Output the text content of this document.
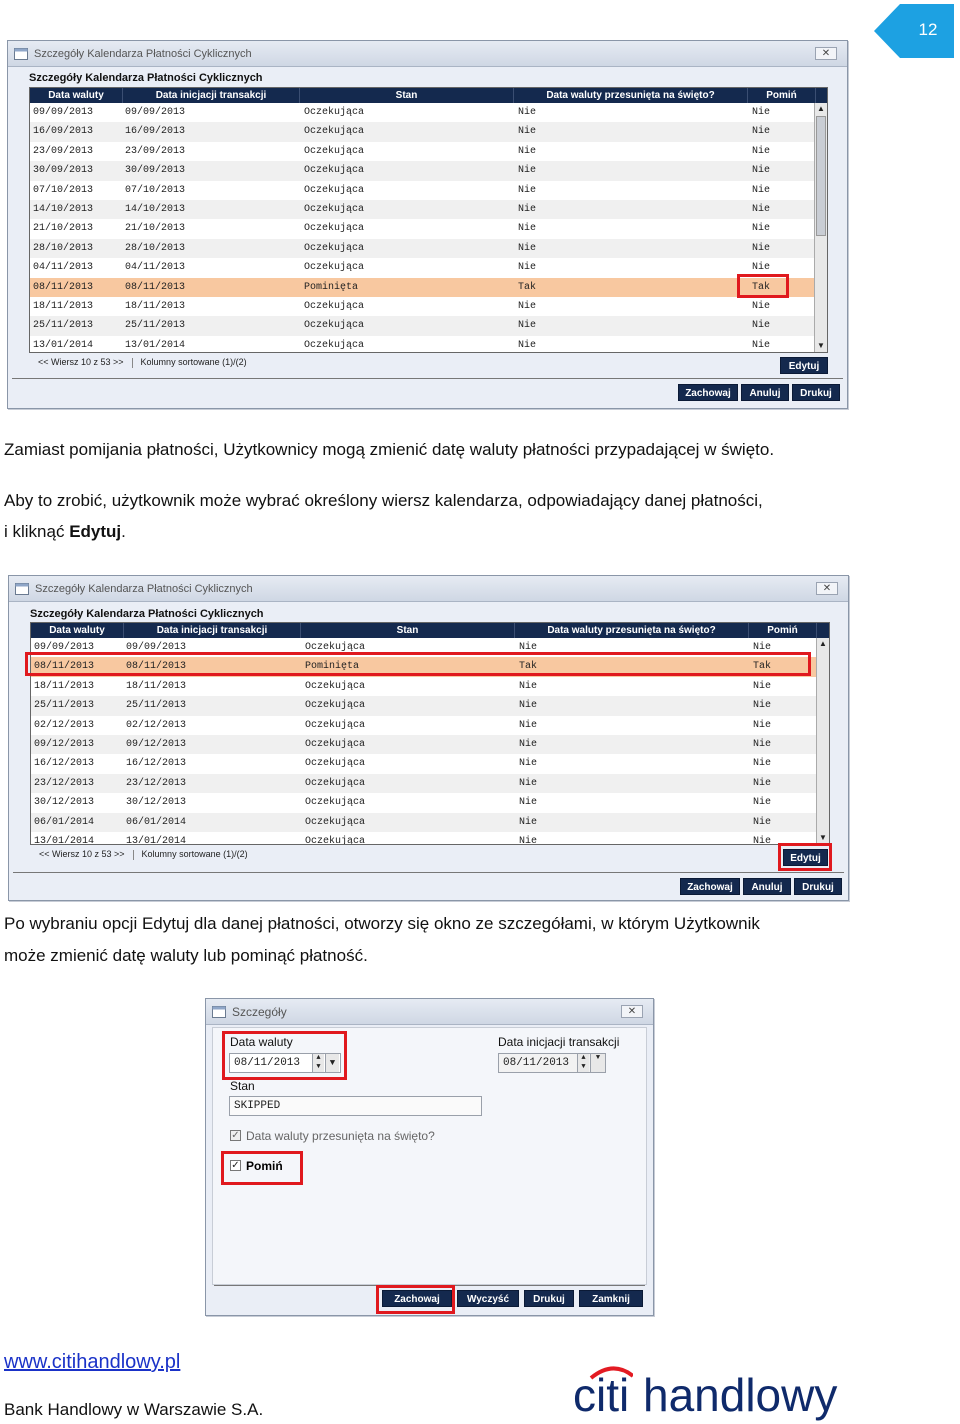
12
Szczegóły Kalendarza Płatności Cyklicznych	✕
Szczegóły Kalendarza Płatności Cyklicznych
Data waluty	Data inicjacji transakcji	Stan	Data waluty przesunięta na święto?	Pomiń
09/09/2013	09/09/2013	Oczekująca	Nie	Nie
16/09/2013	16/09/2013	Oczekująca	Nie	Nie
23/09/2013	23/09/2013	Oczekująca	Nie	Nie
30/09/2013	30/09/2013	Oczekująca	Nie	Nie
07/10/2013	07/10/2013	Oczekująca	Nie	Nie
14/10/2013	14/10/2013	Oczekująca	Nie	Nie
21/10/2013	21/10/2013	Oczekująca	Nie	Nie
28/10/2013	28/10/2013	Oczekująca	Nie	Nie
04/11/2013	04/11/2013	Oczekująca	Nie	Nie
08/11/2013	08/11/2013	Pominięta	Tak	Tak
18/11/2013	18/11/2013	Oczekująca	Nie	Nie
25/11/2013	25/11/2013	Oczekująca	Nie	Nie
13/01/2014	13/01/2014	Oczekująca	Nie	Nie
▲
▼
<< Wiersz 10 z 53 >> Kolumny sortowane (1)/(2)	Edytuj
Zachowaj	Anuluj	Drukuj
Zamiast pomijania płatności, Użytkownicy mogą zmienić datę waluty płatności przypadającej w święto.
Aby to zrobić, użytkownik może wybrać określony wiersz kalendarza, odpowiadający danej płatności,
i kliknąć Edytuj.
Szczegóły Kalendarza Płatności Cyklicznych	✕
Szczegóły Kalendarza Płatności Cyklicznych
Data waluty	Data inicjacji transakcji	Stan	Data waluty przesunięta na święto?	Pomiń
09/09/2013	09/09/2013	Oczekująca	Nie	Nie
08/11/2013	08/11/2013	Pominięta	Tak	Tak
18/11/2013	18/11/2013	Oczekująca	Nie	Nie
25/11/2013	25/11/2013	Oczekująca	Nie	Nie
02/12/2013	02/12/2013	Oczekująca	Nie	Nie
09/12/2013	09/12/2013	Oczekująca	Nie	Nie
16/12/2013	16/12/2013	Oczekująca	Nie	Nie
23/12/2013	23/12/2013	Oczekująca	Nie	Nie
30/12/2013	30/12/2013	Oczekująca	Nie	Nie
06/01/2014	06/01/2014	Oczekująca	Nie	Nie
13/01/2014	13/01/2014	Oczekująca	Nie	Nie
▲
▼
<< Wiersz 10 z 53 >> Kolumny sortowane (1)/(2)	Edytuj
Zachowaj	Anuluj	Drukuj
Po wybraniu opcji Edytuj dla danej płatności, otworzy się okno ze szczegółami, w którym Użytkownik
może zmienić datę waluty lub pominąć płatność.
Szczegóły	✕
Data waluty
08/11/2013	▲
▼	▼
Data inicjacji transakcji
08/11/2013	▲
▼
▼
Stan
SKIPPED
✓ Data waluty przesunięta na święto?
✓ Pomiń
Zachowaj	Wyczyść	Drukuj	Zamknij
www.citihandlowy.pl
Bank Handlowy w Warszawie S.A.	citi handlowy
